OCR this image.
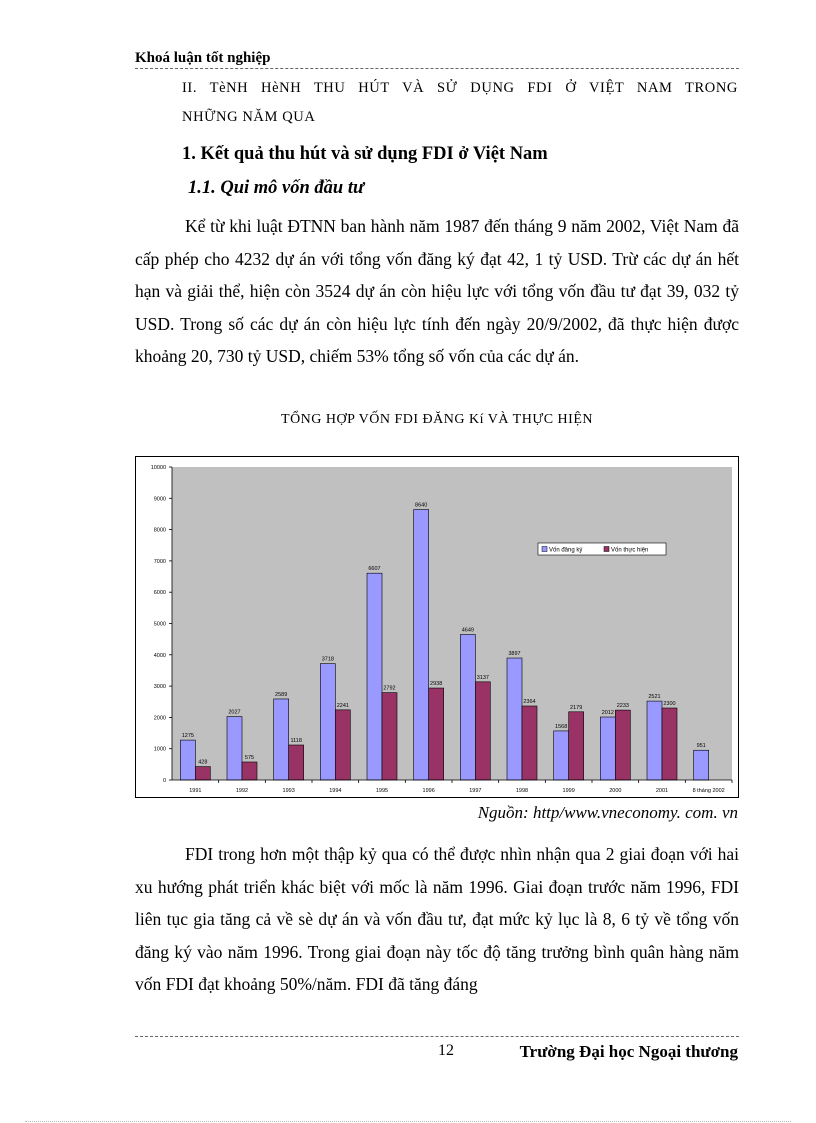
Khoá luận tốt nghiệp
II. TèNH HèNH THU HÚT VÀ SỬ DỤNG FDI Ở VIỆT NAM TRONG
NHỮNG NĂM QUA
1. Kết quả thu hút và sử dụng FDI ở Việt Nam
1.1. Qui mô vốn đầu tư
Kể từ khi luật ĐTNN ban hành năm 1987 đến tháng 9 năm 2002, Việt Nam đã cấp phép cho 4232 dự án với tổng vốn đăng ký đạt 42, 1 tỷ USD. Trừ các dự án hết hạn và giải thể, hiện còn 3524 dự án còn hiệu lực với tổng vốn đầu tư đạt 39, 032 tỷ USD. Trong số các dự án còn hiệu lực tính đến ngày 20/9/2002, đã thực hiện được khoảng 20, 730 tỷ USD, chiếm 53% tổng số vốn của các dự án.
TỔNG HỢP VỐN FDI ĐĂNG Kí VÀ THỰC HIỆN
0
1000
2000
3000
4000
5000
6000
7000
8000
9000
10000
1275
428
2027
575
2589
1118
3718
2241
6607
2792
8640
2938
4649
3137
3897
2364
1568
2179
2012
2233
2521
2300
951
1991	1992	1993	1994	1995	1996	1997	1998	1999	2000	2001	8 tháng 2002
Vốn đăng ký	Vốn thực hiện
Nguồn: http/www.vneconomy. com. vn
FDI trong hơn một thập kỷ qua có thể được nhìn nhận qua 2 giai đoạn với hai xu hướng phát triển khác biệt với mốc là năm 1996. Giai đoạn trước năm 1996, FDI liên tục gia tăng cả về sè dự án và vốn đầu tư, đạt mức kỷ lục là 8, 6 tỷ về tổng vốn đăng ký vào năm 1996. Trong giai đoạn này tốc độ tăng trưởng bình quân hàng năm vốn FDI đạt khoảng 50%/năm. FDI đã tăng đáng
12	Trường Đại học Ngoại thương
